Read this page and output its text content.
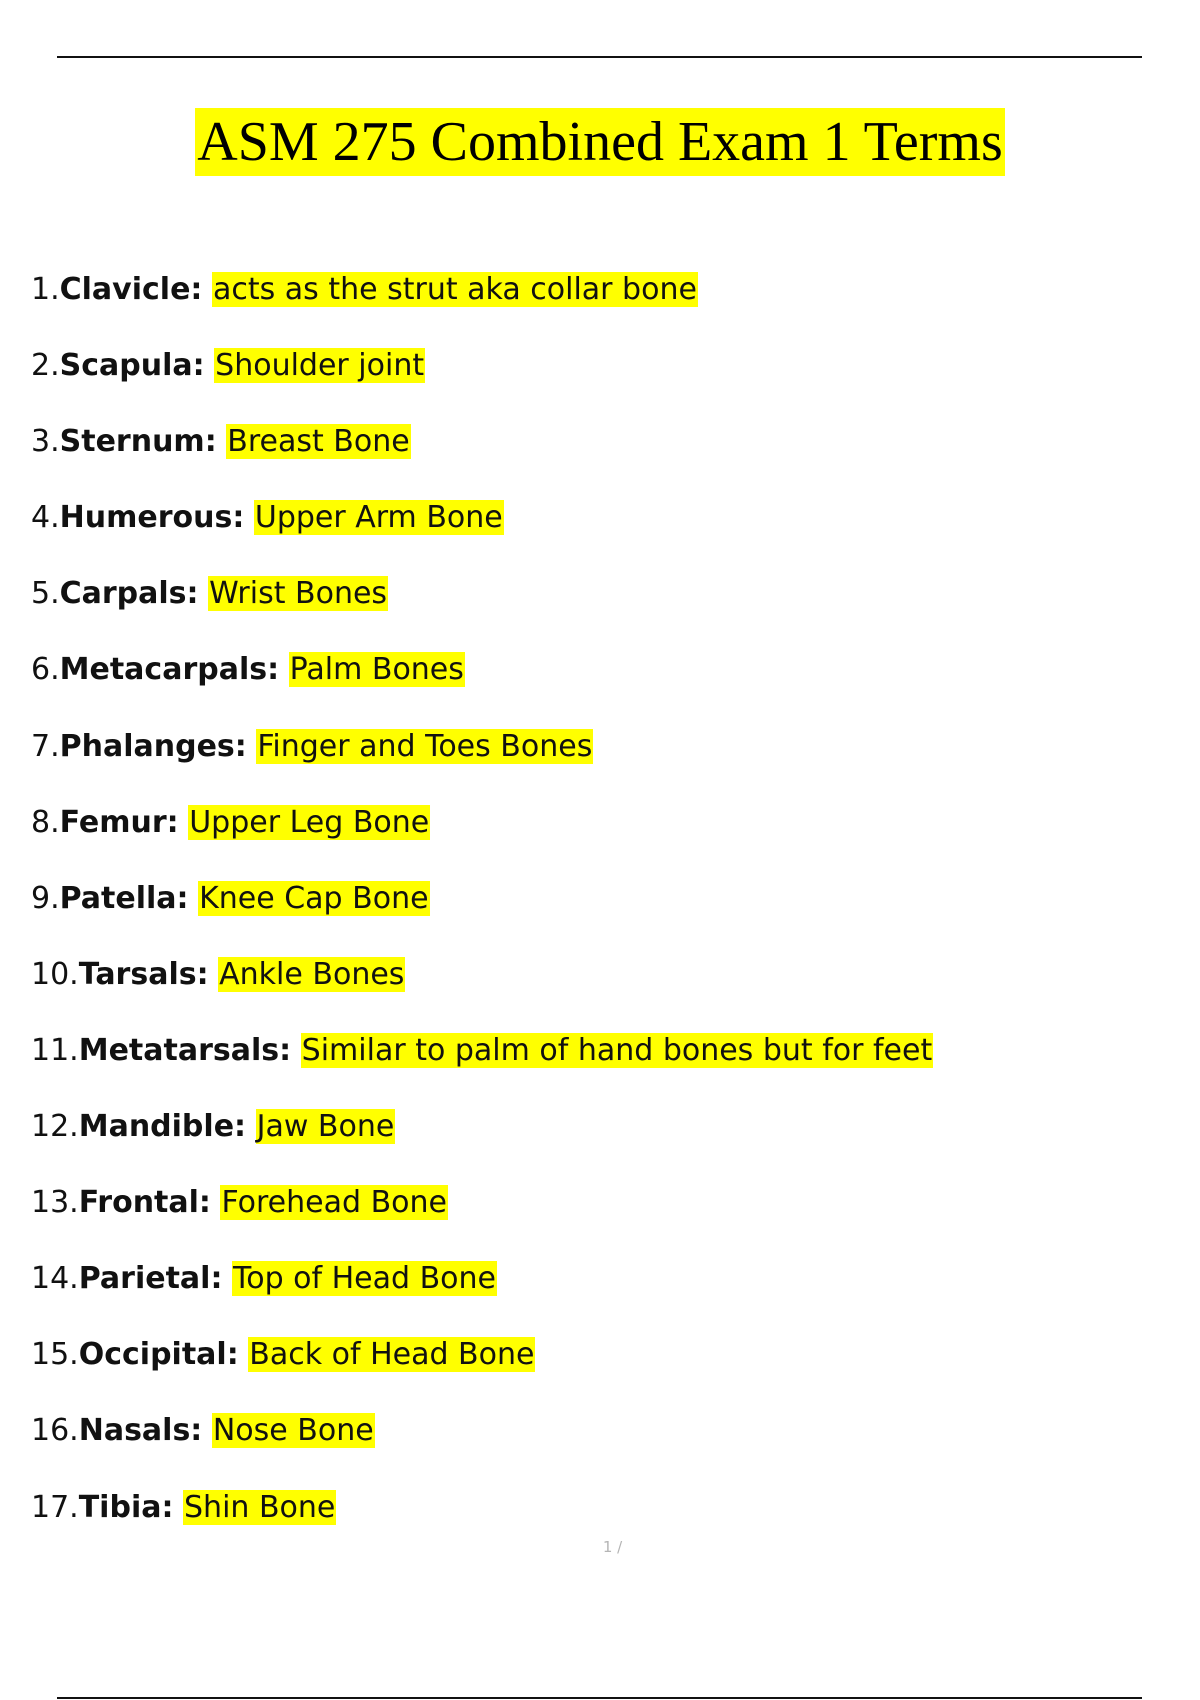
ASM 275 Combined Exam 1 Terms
1.Clavicle: acts as the strut aka collar bone
2.Scapula: Shoulder joint
3.Sternum: Breast Bone
4.Humerous: Upper Arm Bone
5.Carpals: Wrist Bones
6.Metacarpals: Palm Bones
7.Phalanges: Finger and Toes Bones
8.Femur: Upper Leg Bone
9.Patella: Knee Cap Bone
10.Tarsals: Ankle Bones
11.Metatarsals: Similar to palm of hand bones but for feet
12.Mandible: Jaw Bone
13.Frontal: Forehead Bone
14.Parietal: Top of Head Bone
15.Occipital: Back of Head Bone
16.Nasals: Nose Bone
17.Tibia: Shin Bone
1 /
